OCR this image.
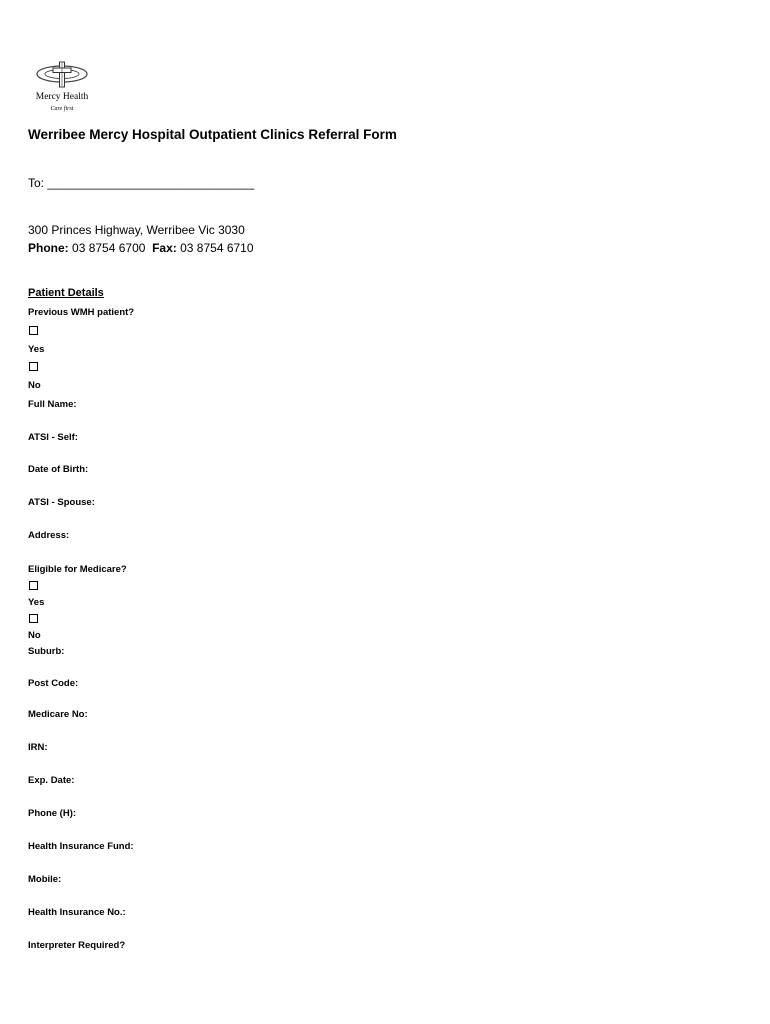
Mercy Health
Care first
Werribee Mercy Hospital Outpatient Clinics Referral Form
To: _______________________________
300 Princes Highway, Werribee Vic 3030
Phone: 03 8754 6700 Fax: 03 8754 6710
Patient Details
Previous WMH patient?
Yes
No
Full Name:
ATSI - Self:
Date of Birth:
ATSI - Spouse:
Address:
Eligible for Medicare?
Yes
No
Suburb:
Post Code:
Medicare No:
IRN:
Exp. Date:
Phone (H):
Health Insurance Fund:
Mobile:
Health Insurance No.:
Interpreter Required?
